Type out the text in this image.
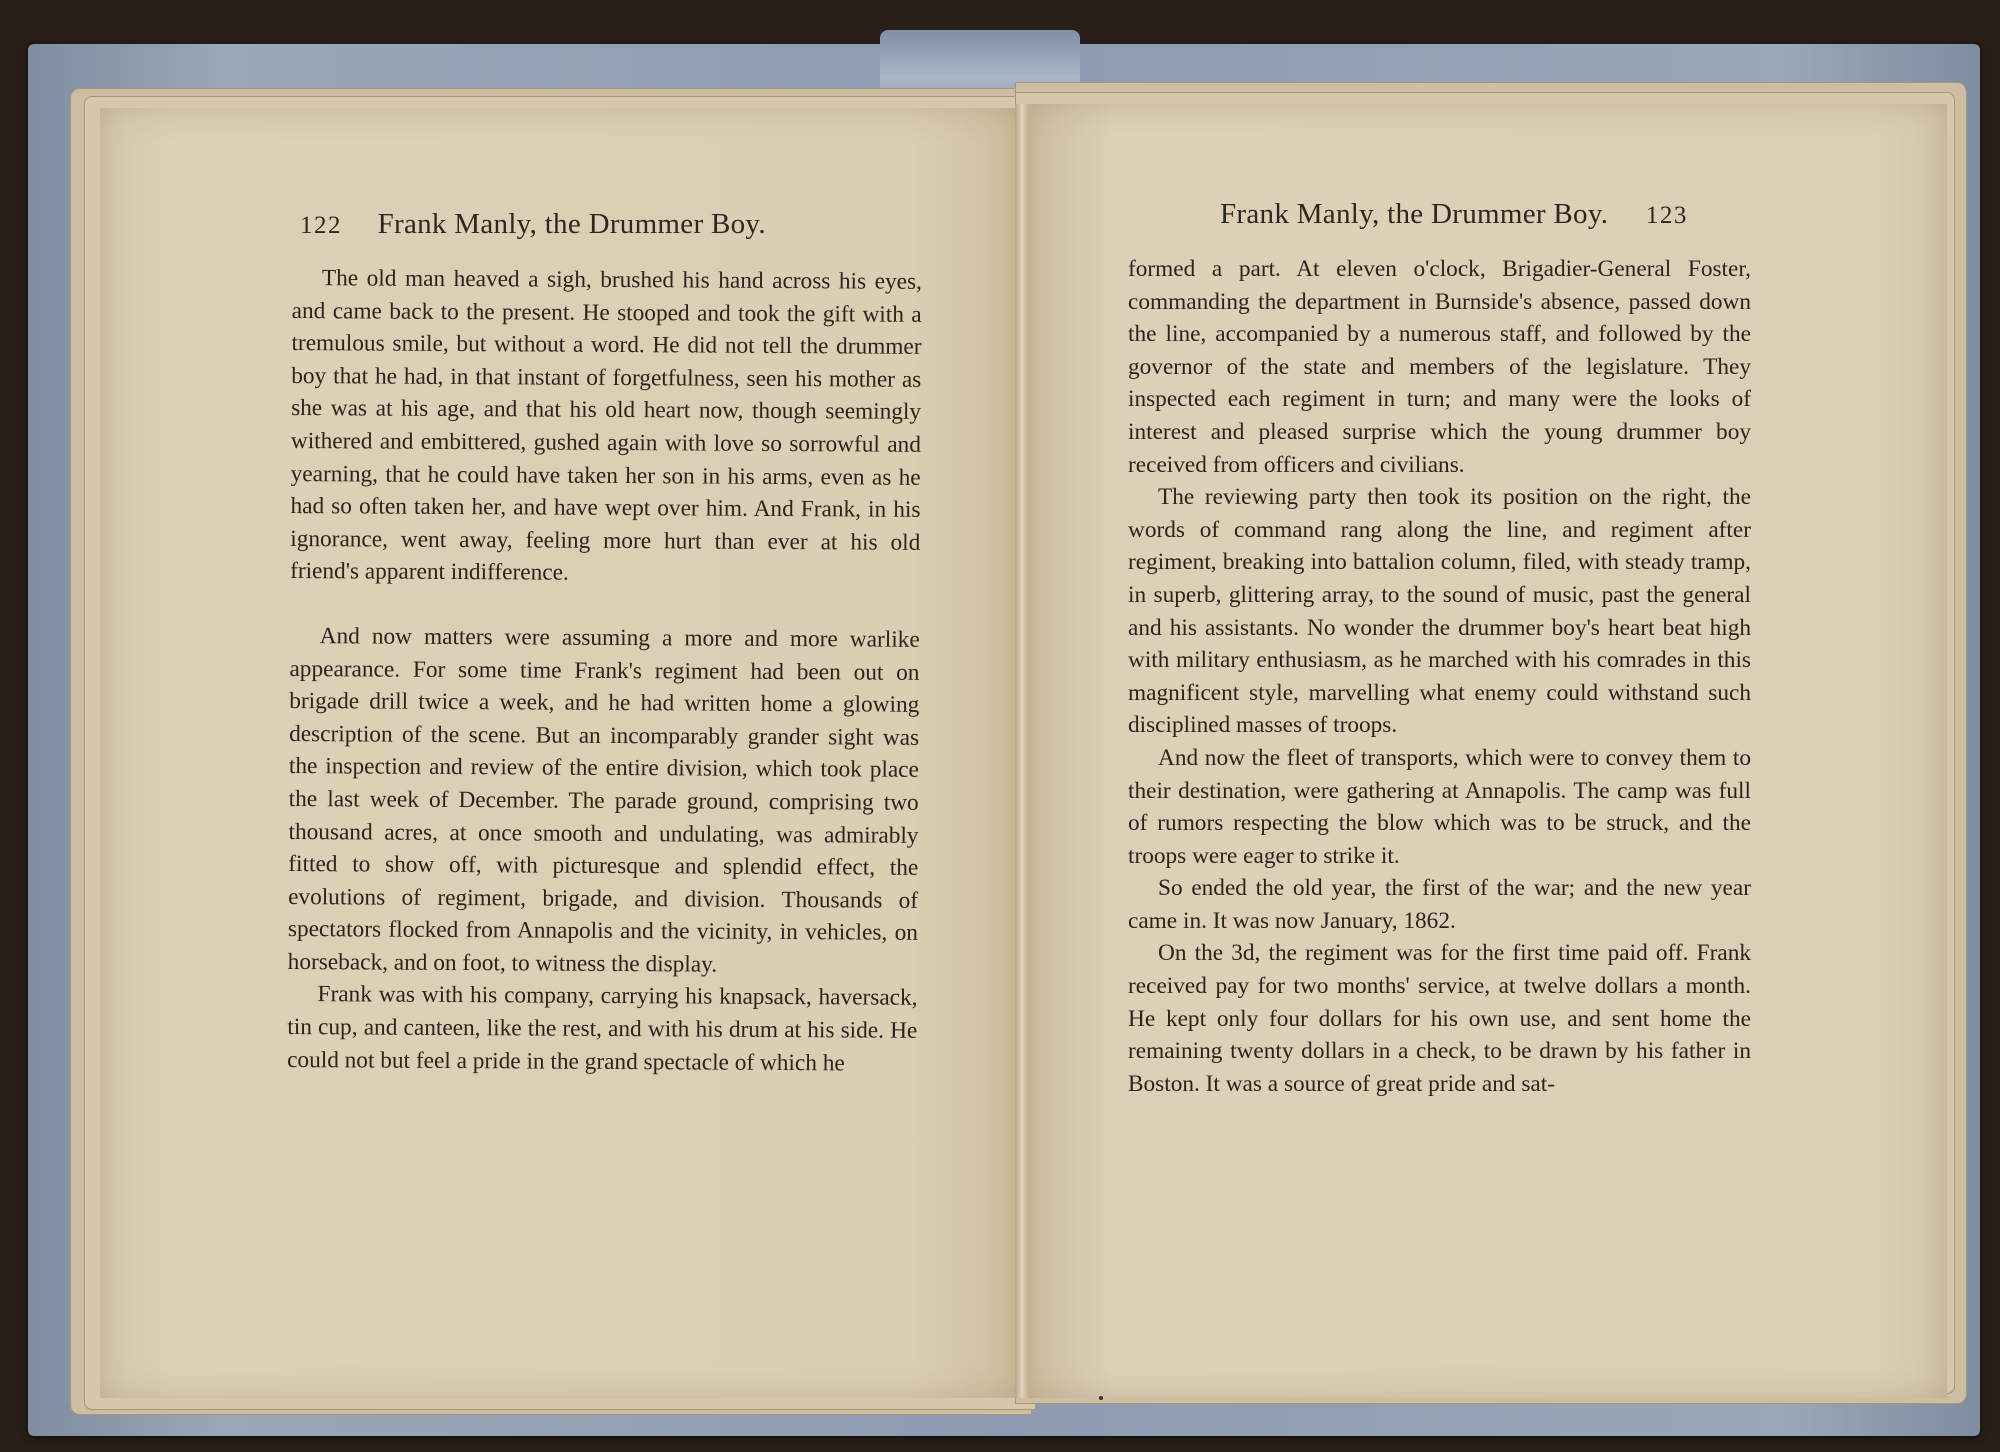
122 Frank Manly, the Drummer Boy.

The old man heaved a sigh, brushed his hand across his eyes, and came back to the present. He stooped and took the gift with a tremulous smile, but without a word. He did not tell the drummer boy that he had, in that instant of forgetfulness, seen his mother as she was at his age, and that his old heart now, though seemingly withered and embittered, gushed again with love so sorrowful and yearning, that he could have taken her son in his arms, even as he had so often taken her, and have wept over him. And Frank, in his ignorance, went away, feeling more hurt than ever at his old friend's apparent indifference.

And now matters were assuming a more and more warlike appearance. For some time Frank's regiment had been out on brigade drill twice a week, and he had written home a glowing description of the scene. But an incomparably grander sight was the inspection and review of the entire division, which took place the last week of December. The parade ground, comprising two thousand acres, at once smooth and undulating, was admirably fitted to show off, with picturesque and splendid effect, the evolutions of regiment, brigade, and division. Thousands of spectators flocked from Annapolis and the vicinity, in vehicles, on horseback, and on foot, to witness the display.

Frank was with his company, carrying his knapsack, haversack, tin cup, and canteen, like the rest, and with his drum at his side. He could not but feel a pride in the grand spectacle of which he

Frank Manly, the Drummer Boy. 123

formed a part. At eleven o'clock, Brigadier-General Foster, commanding the department in Burnside's absence, passed down the line, accompanied by a numerous staff, and followed by the governor of the state and members of the legislature. They inspected each regiment in turn; and many were the looks of interest and pleased surprise which the young drummer boy received from officers and civilians.

The reviewing party then took its position on the right, the words of command rang along the line, and regiment after regiment, breaking into battalion column, filed, with steady tramp, in superb, glittering array, to the sound of music, past the general and his assistants. No wonder the drummer boy's heart beat high with military enthusiasm, as he marched with his comrades in this magnificent style, marvelling what enemy could withstand such disciplined masses of troops.

And now the fleet of transports, which were to convey them to their destination, were gathering at Annapolis. The camp was full of rumors respecting the blow which was to be struck, and the troops were eager to strike it.

So ended the old year, the first of the war; and the new year came in. It was now January, 1862.

On the 3d, the regiment was for the first time paid off. Frank received pay for two months' service, at twelve dollars a month. He kept only four dollars for his own use, and sent home the remaining twenty dollars in a check, to be drawn by his father in Boston. It was a source of great pride and sat-
